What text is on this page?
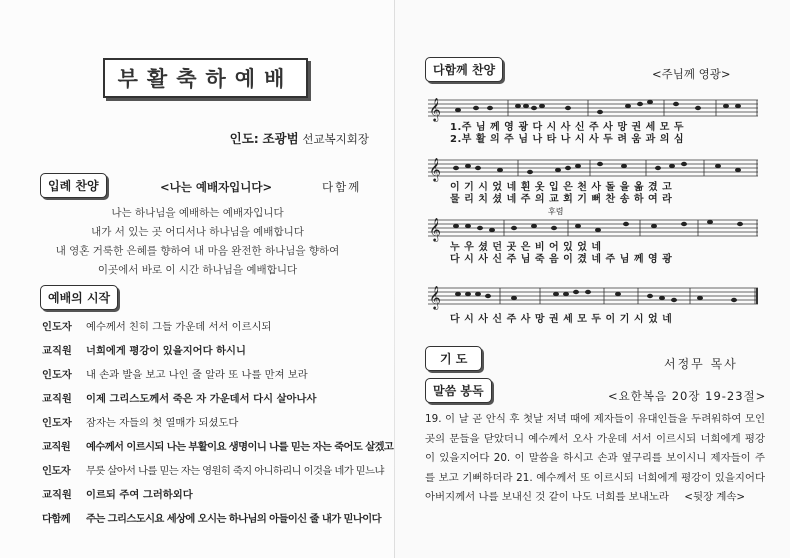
부활축하예배
인도: 조광범 선교복지회장
입례 찬양	<나는 예배자입니다>	다함께
나는 하나님을 예배하는 예배자입니다
내가 서 있는 곳 어디서나 하나님을 예배합니다
내 영혼 거룩한 은혜를 향하여 내 마음 완전한 하나님을 향하여
이곳에서 바로 이 시간 하나님을 예배합니다
예배의 시작
인도자	예수께서 친히 그들 가운데 서서 이르시되
교직원	너희에게 평강이 있을지어다 하시니
인도자	내 손과 발을 보고 나인 줄 알라 또 나를 만져 보라
교직원	이제 그리스도께서 죽은 자 가운데서 다시 살아나사
인도자	잠자는 자들의 첫 열매가 되셨도다
교직원	예수께서 이르시되 나는 부활이요 생명이니 나를 믿는 자는 죽어도 살겠고
인도자	무릇 살아서 나를 믿는 자는 영원히 죽지 아니하리니 이것을 네가 믿느냐
교직원	이르되 주여 그러하외다
다함께	주는 그리스도시요 세상에 오시는 하나님의 아들이신 줄 내가 믿나이다
다함께 찬양	<주님께 영광>
𝄞
1.주 님 께 영 광 다 시 사 신 주 사 망 권 세 모 두
2.부 활 의 주 님 나 타 나 시 사 두 려 움 과 의 심
𝄞
이 기 시 었 네 흰 옷 입 은 천 사 돌 을 옮 겼 고
물 리 치 셨 네 주 의 교 회 기 뻐 찬 송 하 여 라
후렴
𝄞
누 우 셨 던 곳 은 비 어 있 었 네
다 시 사 신 주 님 죽 음 이 겼 네 주 님 께 영 광
𝄞
다 시 사 신 주 사 망 권 세 모 두 이 기 시 었 네
기 도	서정무 목사
말씀 봉독	<요한복음 20장 19-23절>
19. 이 날 곧 안식 후 첫날 저녁 때에 제자들이 유대인들을 두려워하여 모인 곳의 문들을 닫았더니 예수께서 오사 가운데 서서 이르시되 너희에게 평강이 있을지어다 20. 이 말씀을 하시고 손과 옆구리를 보이시니 제자들이 주를 보고 기뻐하더라 21. 예수께서 또 이르시되 너희에게 평강이 있을지어다 아버지께서 나를 보내신 것 같이 나도 너희를 보내노라 <뒷장 계속>
